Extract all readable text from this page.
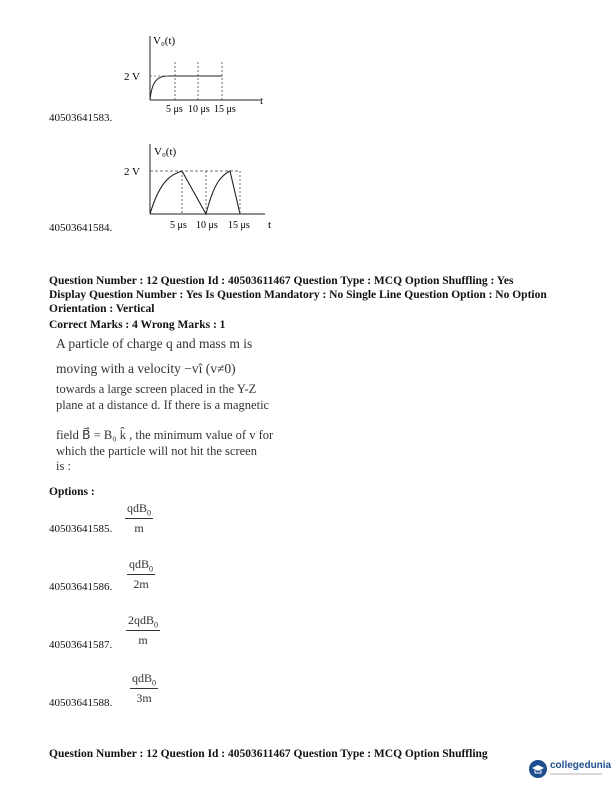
40503641583.
V₀(t)
2 V
5 μs 10 μs 15 μs
t
40503641584.
V₀(t)
2 V
5 μs 10 μs 15 μs t
Question Number : 12 Question Id : 40503611467 Question Type : MCQ Option Shuffling : Yes
Display Question Number : Yes Is Question Mandatory : No Single Line Question Option : No Option
Orientation : Vertical
Correct Marks : 4 Wrong Marks : 1
A particle of charge q and mass m is
moving with a velocity −vî (v≠0)
towards a large screen placed in the Y-Z
plane at a distance d. If there is a magnetic
field B⃗ = B₀ k̂ , the minimum value of v for
which the particle will not hit the screen
is :
Options :
40503641585.
qdB$_0$
m
40503641586.
qdB$_0$
2m
40503641587.
2qdB$_0$
m
40503641588.
qdB$_0$
3m
Question Number : 12 Question Id : 40503611467 Question Type : MCQ Option Shuffling
collegedunia
